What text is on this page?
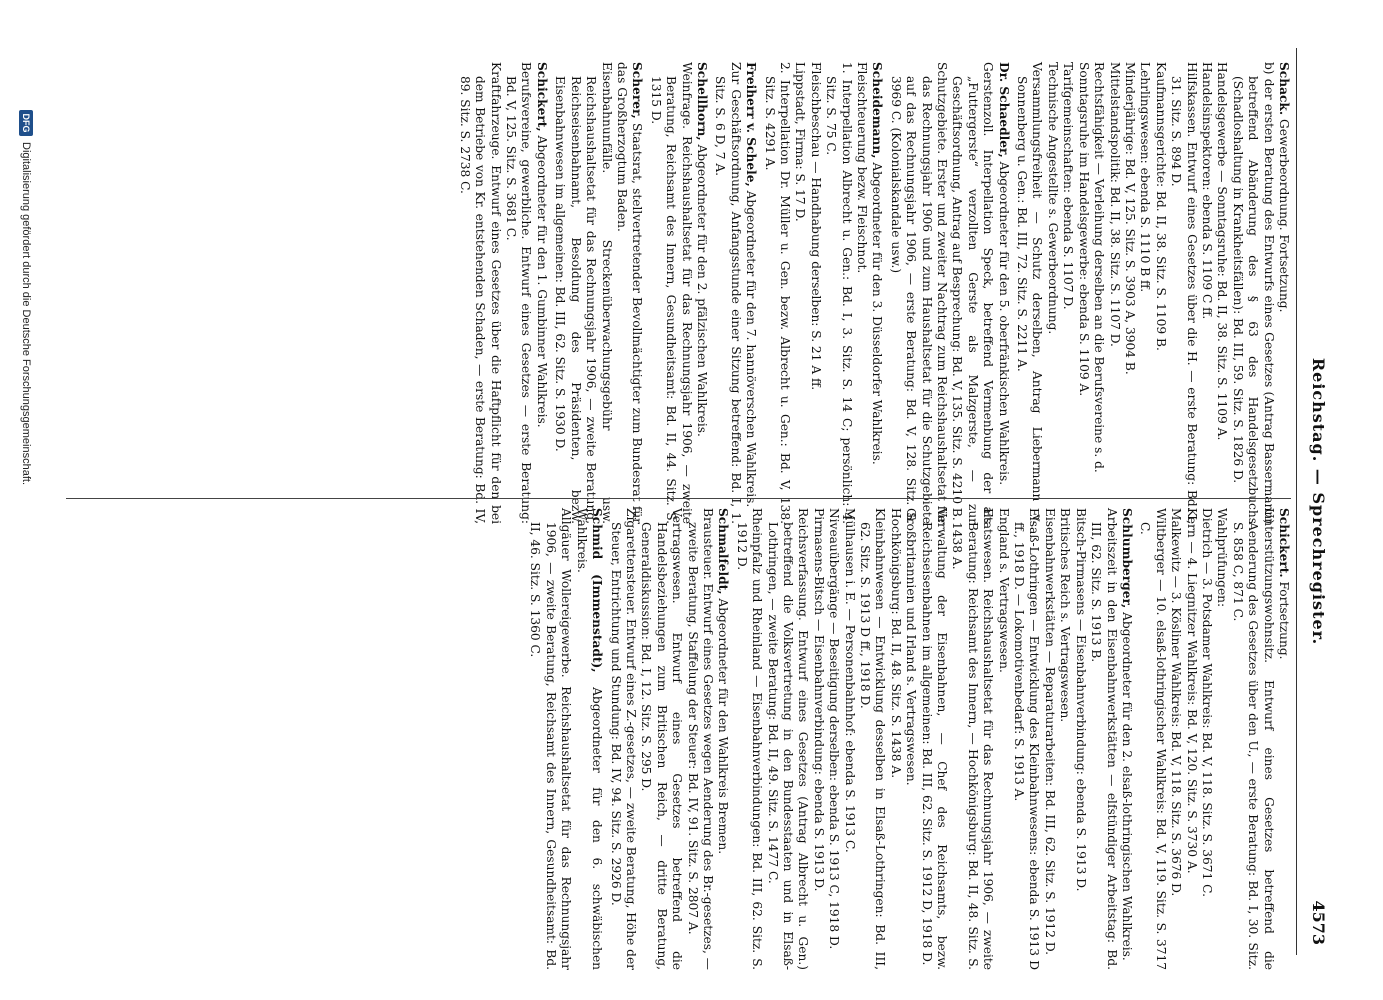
Reichstag. — Sprechregister.
4573
Schack. Gewerbeordnung. Fortsetzung.
b) der ersten Beratung des Entwurfs eines Gesetzes (Antrag Bassermann) betreffend Abänderung des § 63 des Handelsgesetzbuchs (Schadloshaltung in Krankheitsfällen): Bd. III, 59. Sitz. S. 1826 D.
Handelsgewerbe — Sonntagsruhe: Bd. II, 38. Sitz. S. 1109 A.
Handelsinspektoren: ebenda S. 1109 C ff.
Hilfskassen. Entwurf eines Gesetzes über die H. — erste Beratung: Bd. I, 31. Sitz. S. 894 D.
Kaufmannsgerichte: Bd. II, 38. Sitz. S. 1109 B.
Lehrlingswesen: ebenda S. 1110 B ff.
Minderjährige: Bd. V, 125. Sitz. S. 3903 A, 3904 B.
Mittelstandspolitik: Bd. II, 38. Sitz. S. 1107 D.
Rechtsfähigkeit — Verleihung derselben an die Berufsvereine s. d.
Sonntagsruhe im Handelsgewerbe: ebenda S. 1109 A.
Tarifgemeinschaften: ebenda S. 1107 D.
Technische Angestellte s. Gewerbeordnung.
Versammlungsfreiheit — Schutz derselben, Antrag Liebermann v. Sonnenberg u. Gen.: Bd. III, 72. Sitz. S. 2211 A.
Dr. Schaedler, Abgeordneter für den 5. oberfränkischen Wahlkreis.
Gerstenzoll. Interpellation Speck, betreffend Vermenbung der als „Futtergerste“ verzollten Gerste als Malzgerste, — zur Geschäftsordnung, Antrag auf Besprechung: Bd. V, 135. Sitz. S. 4210 B.
Schutzgebiete. Erster und zweiter Nachtrag zum Reichshaushaltsetat für das Rechnungsjahr 1906 und zum Haushaltsetat für die Schutzgebiete auf das Rechnungsjahr 1906, — erste Beratung: Bd. V, 128. Sitz. S. 3969 C. (Kolonialskandale usw.)
Scheidemann, Abgeordneter für den 3. Düsseldorfer Wahlkreis.
Fleischteuerung bezw. Fleischnot.
1. Interpellation Albrecht u. Gen.: Bd. I, 3. Sitz. S. 14 C; persönlich: 4. Sitz. S. 75 C.
Fleischbeschau — Handhabung derselben: S. 21 A ff.
Lippstadt, Firma: S. 17 D.
2. Interpellation Dr. Müller u. Gen. bezw. Albrecht u. Gen.: Bd. V, 138. Sitz. S. 4291 A.
Freiherr v. Schele, Abgeordneter für den 7. hannöverschen Wahlkreis.
Zur Geschäftsordnung, Anfangsstunde einer Sitzung betreffend: Bd. I, 1. Sitz. S. 6 D, 7 A.
Schellhorn, Abgeordneter für den 2. pfälzischen Wahlkreis.
Weinfrage. Reichshaushaltsetat für das Rechnungsjahr 1906, — zweite Beratung, Reichsamt des Innern, Gesundheitsamt: Bd. II, 44. Sitz. S. 1315 D.
Scherer, Staatsrat, stellvertretender Bevollmächtigter zum Bundesrat für das Großherzogtum Baden.
Eisenbahnunfälle. Streckenüberwachungsgebühr usw. Reichshaushaltsetat für das Rechnungsjahr 1906, — zweite Beratung, Reichseisenbahnamt, Besoldung des Präsidenten, bezw. Eisenbahnwesen im allgemeinen: Bd. III, 62. Sitz. S. 1930 D.
Schickert, Abgeordneter für den 1. Gumbinner Wahlkreis.
Berufsvereine, gewerbliche. Entwurf eines Gesetzes — erste Beratung: Bd. V, 125. Sitz. S. 3681 C.
Kraftfahrzeuge. Entwurf eines Gesetzes über die Haftpflicht für den bei dem Betriebe von Kr. entstehenden Schaden, — erste Beratung: Bd. IV, 89. Sitz. S. 2738 C.
Schickert. Fortsetzung.
Unterstützungswohnsitz. Entwurf eines Gesetzes betreffend die Aenderung des Gesetzes über den U., — erste Beratung: Bd. I, 30. Sitz. S. 858 C, 871 C.
Wahlprüfungen:
Dietrich — 3. Potsdamer Wahlkreis: Bd. V, 118. Sitz. S. 3671 C.
Kern — 4. Liegnitzer Wahlkreis: Bd. V, 120. Sitz. S. 3730 A.
Malkewitz — 3. Kösliner Wahlkreis: Bd. V, 118. Sitz. S. 3676 D.
Wiltberger — 10. elsaß-lothringischer Wahlkreis: Bd. V, 119. Sitz. S. 3717 C.
Schlumberger, Abgeordneter für den 2. elsaß-lothringischen Wahlkreis.
Arbeitszeit in den Eisenbahnwerkstätten — elfstündiger Arbeitstag: Bd. III, 62. Sitz. S. 1913 B.
Bitsch-Pirmasens — Eisenbahnverbindung: ebenda S. 1913 D.
Britisches Reich s. Vertragswesen.
Eisenbahnwerkstätten — Reparaturarbeiten: Bd. III, 62. Sitz. S. 1912 D.
Elsaß-Lothringen — Entwicklung des Kleinbahnwesens: ebenda S. 1913 D ff., 1918 D. — Lokomotivenbedarf: S. 1913 A.
England s. Vertragswesen.
Etatswesen. Reichshaushaltsetat für das Rechnungsjahr 1906, — zweite Beratung: Reichsamt des Innern, — Hochkönigsburg: Bd. II, 48. Sitz. S. 1438 A.
Verwaltung der Eisenbahnen, — Chef des Reichsamts, bezw. Reichseisenbahnen im allgemeinen: Bd. III, 62. Sitz. S. 1912 D, 1918 D.
Großbritannien und Irland s. Vertragswesen.
Hochkönigsburg: Bd. II, 48. Sitz. S. 1438 A.
Kleinbahnwesen — Entwicklung desselben in Elsaß-Lothringen: Bd. III, 62. Sitz. S. 1913 D ff., 1918 D.
Mülhausen i. E. — Personenbahnhof: ebenda S. 1913 C.
Niveauübergänge — Beseitigung derselben: ebenda S. 1913 C, 1918 D.
Pirmasens-Bitsch — Eisenbahnverbindung: ebenda S. 1913 D.
Reichsverfassung. Entwurf eines Gesetzes (Antrag Albrecht u. Gen.) betreffend die Volksvertretung in den Bundesstaaten und in Elsaß-Lothringen, — zweite Beratung: Bd. II, 49. Sitz. S. 1477 C.
Rheinpfalz und Rheinland — Eisenbahnverbindungen: Bd. III, 62. Sitz. S. 1912 D.
Schmalfeldt, Abgeordneter für den Wahlkreis Bremen.
Brausteuer. Entwurf eines Gesetzes wegen Aenderung des Br.-gesetzes, — zweite Beratung, Staffelung der Steuer: Bd. IV, 91. Sitz. S. 2807 A.
Vertragswesen. Entwurf eines Gesetzes betreffend die Handelsbeziehungen zum Britischen Reich, — dritte Beratung, Generaldiskussion: Bd. I, 12. Sitz. S. 295 D.
Zigarettensteuer. Entwurf eines Z.-gesetzes, — zweite Beratung, Höhe der Steuer, Entrichtung und Stundung: Bd. IV, 94. Sitz. S. 2926 D.
Schmid (Immenstadt), Abgeordneter für den 6. schwäbischen Wahlkreis.
Allgäuer Wollereigewerbe. Reichshaushaltsetat für das Rechnungsjahr 1906, — zweite Beratung, Reichsamt des Innern, Gesundheitsamt: Bd. II, 46. Sitz. S. 1360 C.
DFG
Digitalisierung gefördert durch die Deutsche Forschungsgemeinschaft.
